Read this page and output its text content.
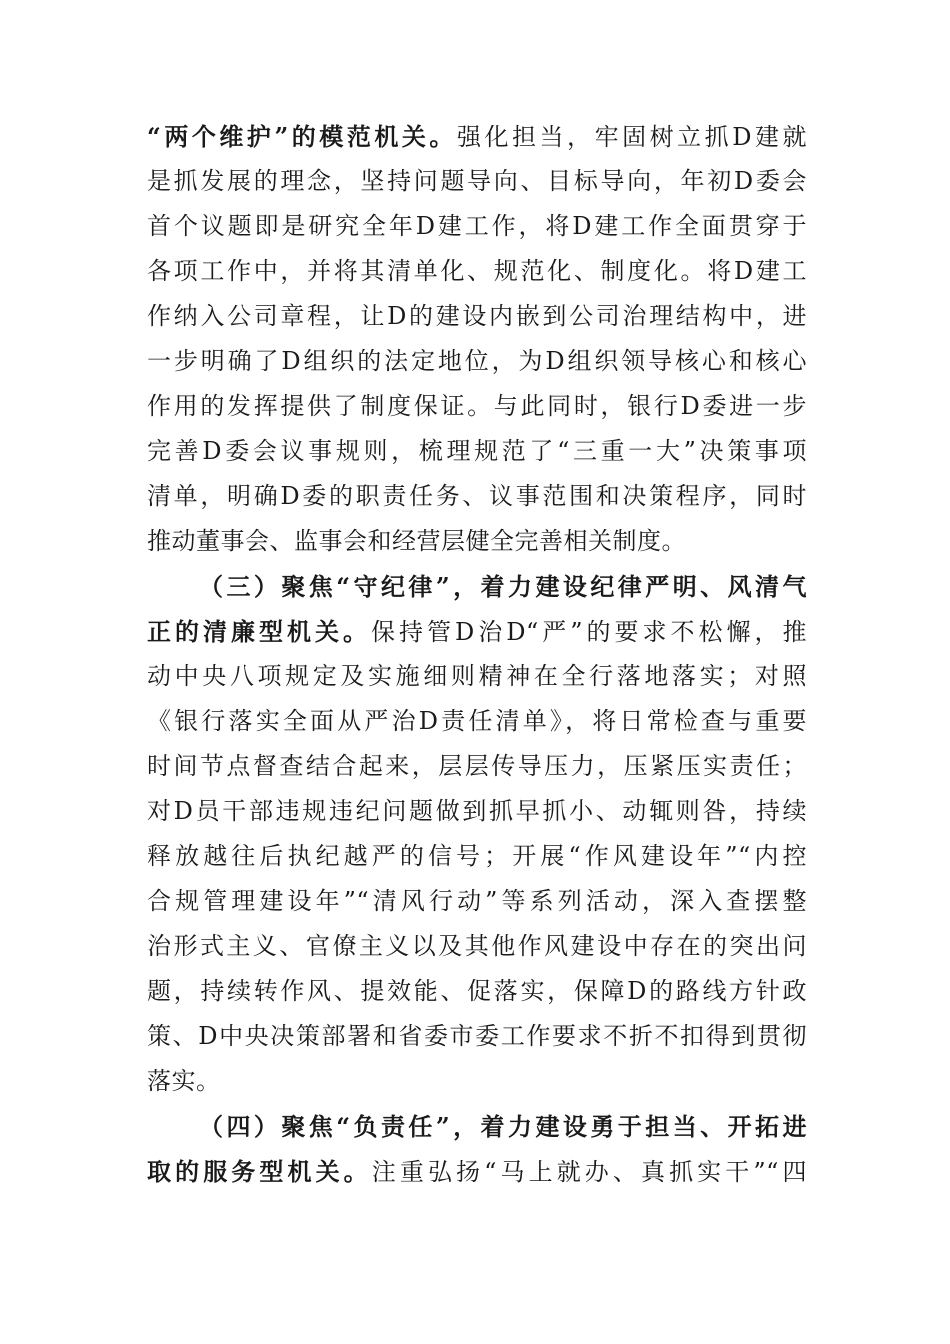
“两个维护”的模范机关。强化担当，牢固树立抓D建就
是抓发展的理念，坚持问题导向、目标导向，年初D委会
首个议题即是研究全年D建工作，将D建工作全面贯穿于
各项工作中，并将其清单化、规范化、制度化。将D建工
作纳入公司章程，让D的建设内嵌到公司治理结构中，进
一步明确了D组织的法定地位，为D组织领导核心和核心
作用的发挥提供了制度保证。与此同时，银行D委进一步
完善D委会议事规则，梳理规范了“三重一大”决策事项
清单，明确D委的职责任务、议事范围和决策程序，同时
推动董事会、监事会和经营层健全完善相关制度。
（三）聚焦“守纪律”，着力建设纪律严明、风清气
正的清廉型机关。保持管D治D“严”的要求不松懈，推
动中央八项规定及实施细则精神在全行落地落实；对照
《银行落实全面从严治D责任清单》，将日常检查与重要
时间节点督查结合起来，层层传导压力，压紧压实责任；
对D员干部违规违纪问题做到抓早抓小、动辄则咎，持续
释放越往后执纪越严的信号；开展“作风建设年”“内控
合规管理建设年”“清风行动”等系列活动，深入查摆整
治形式主义、官僚主义以及其他作风建设中存在的突出问
题，持续转作风、提效能、促落实，保障D的路线方针政
策、D中央决策部署和省委市委工作要求不折不扣得到贯彻
落实。
（四）聚焦“负责任”，着力建设勇于担当、开拓进
取的服务型机关。注重弘扬“马上就办、真抓实干”“四
